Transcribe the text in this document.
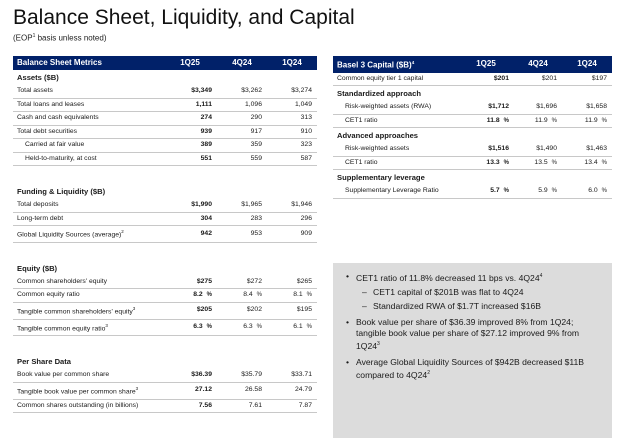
Balance Sheet, Liquidity, and Capital
(EOP$^1$ basis unless noted)
Balance Sheet Metrics	1Q25	4Q24	1Q24
Assets ($B)			
Total assets	$3,349	$3,262	$3,274
Total loans and leases	1,111	1,096	1,049
Cash and cash equivalents	274	290	313
Total debt securities	939	917	910
Carried at fair value	389	359	323
Held-to-maturity, at cost	551	559	587

Funding & Liquidity ($B)			
Total deposits	$1,990	$1,965	$1,946
Long-term debt	304	283	296
Global Liquidity Sources (average)$^2$	942	953	909

Equity ($B)			
Common shareholders' equity	$275	$272	$265
Common equity ratio	8.2 %	8.4 %	8.1 %
Tangible common shareholders' equity$^3$	$205	$202	$195
Tangible common equity ratio$^3$	6.3 %	6.3 %	6.1 %

Per Share Data			
Book value per common share	$36.39	$35.79	$33.71
Tangible book value per common share$^3$	27.12	26.58	24.79
Common shares outstanding (in billions)	7.56	7.61	7.87
Basel 3 Capital ($B)$^4$	1Q25	4Q24	1Q24
Common equity tier 1 capital	$201	$201	$197
Standardized approach			
Risk-weighted assets (RWA)	$1,712	$1,696	$1,658
CET1 ratio	11.8 %	11.9 %	11.9 %
Advanced approaches			
Risk-weighted assets	$1,516	$1,490	$1,463
CET1 ratio	13.3 %	13.5 %	13.4 %
Supplementary leverage			
Supplementary Leverage Ratio	5.7 %	5.9 %	6.0 %
• CET1 ratio of 11.8% decreased 11 bps vs. $4Q24^4$
– CET1 capital of $201B was flat to 4Q24
– Standardized RWA of $1.7T increased $16B
• Book value per share of $36.39 improved 8% from 1Q24; tangible book value per share of $27.12 improved 9% from $1Q24^3$
• Average Global Liquidity Sources of $942B decreased $11B compared to $4Q24^2$
